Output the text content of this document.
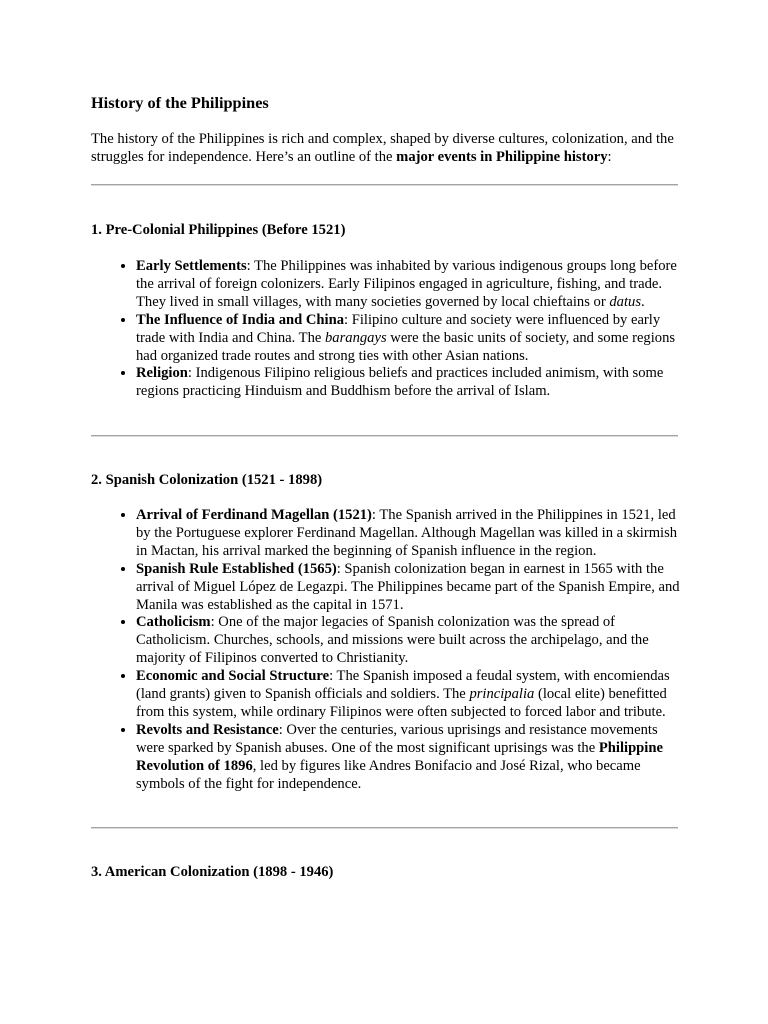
History of the Philippines

The history of the Philippines is rich and complex, shaped by diverse cultures, colonization, and the struggles for independence. Here’s an outline of the major events in Philippine history:

1. Pre-Colonial Philippines (Before 1521)
• Early Settlements: The Philippines was inhabited by various indigenous groups long before the arrival of foreign colonizers. Early Filipinos engaged in agriculture, fishing, and trade. They lived in small villages, with many societies governed by local chieftains or datus.
• The Influence of India and China: Filipino culture and society were influenced by early trade with India and China. The barangays were the basic units of society, and some regions had organized trade routes and strong ties with other Asian nations.
• Religion: Indigenous Filipino religious beliefs and practices included animism, with some regions practicing Hinduism and Buddhism before the arrival of Islam.
2. Spanish Colonization (1521 - 1898)
• Arrival of Ferdinand Magellan (1521): The Spanish arrived in the Philippines in 1521, led by the Portuguese explorer Ferdinand Magellan. Although Magellan was killed in a skirmish in Mactan, his arrival marked the beginning of Spanish influence in the region.
• Spanish Rule Established (1565): Spanish colonization began in earnest in 1565 with the arrival of Miguel López de Legazpi. The Philippines became part of the Spanish Empire, and Manila was established as the capital in 1571.
• Catholicism: One of the major legacies of Spanish colonization was the spread of Catholicism. Churches, schools, and missions were built across the archipelago, and the majority of Filipinos converted to Christianity.
• Economic and Social Structure: The Spanish imposed a feudal system, with encomiendas (land grants) given to Spanish officials and soldiers. The principalia (local elite) benefitted from this system, while ordinary Filipinos were often subjected to forced labor and tribute.
• Revolts and Resistance: Over the centuries, various uprisings and resistance movements were sparked by Spanish abuses. One of the most significant uprisings was the Philippine Revolution of 1896, led by figures like Andres Bonifacio and José Rizal, who became symbols of the fight for independence.
3. American Colonization (1898 - 1946)
